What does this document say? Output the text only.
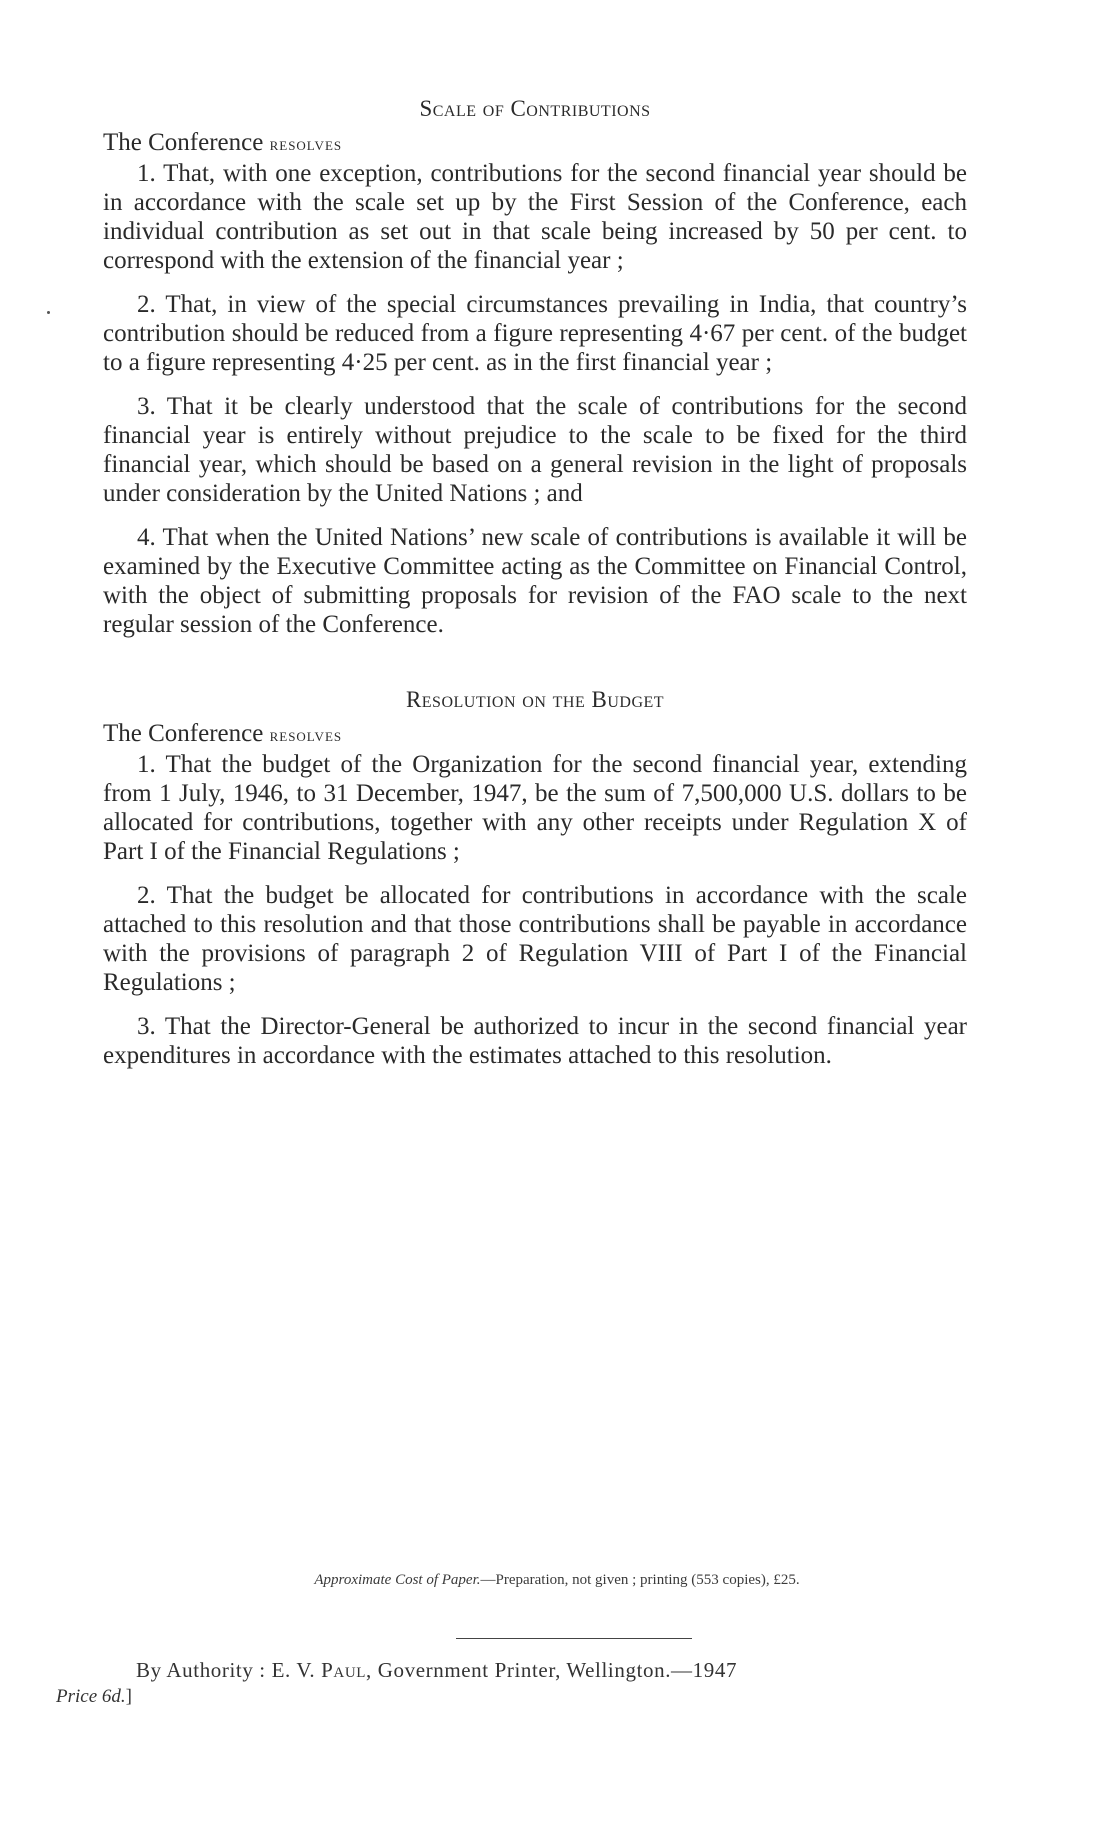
Scale of Contributions

The Conference resolves

1. That, with one exception, contributions for the second financial year should be in accordance with the scale set up by the First Session of the Conference, each individual contribution as set out in that scale being increased by 50 per cent. to correspond with the extension of the financial year ;

2. That, in view of the special circumstances prevailing in India, that country’s contribution should be reduced from a figure representing 4·67 per cent. of the budget to a figure representing 4·25 per cent. as in the first financial year ;

3. That it be clearly understood that the scale of contributions for the second financial year is entirely without prejudice to the scale to be fixed for the third financial year, which should be based on a general revision in the light of proposals under consideration by the United Nations ; and

4. That when the United Nations’ new scale of contributions is available it will be examined by the Executive Committee acting as the Committee on Financial Control, with the object of submitting proposals for revision of the FAO scale to the next regular session of the Conference.

Resolution on the Budget

The Conference resolves

1. That the budget of the Organization for the second financial year, extending from 1 July, 1946, to 31 December, 1947, be the sum of 7,500,000 U.S. dollars to be allocated for contributions, together with any other receipts under Regulation X of Part I of the Financial Regulations ;

2. That the budget be allocated for contributions in accordance with the scale attached to this resolution and that those contributions shall be payable in accordance with the provisions of paragraph 2 of Regulation VIII of Part I of the Financial Regulations ;

3. That the Director-General be authorized to incur in the second financial year expenditures in accordance with the estimates attached to this resolution.

Approximate Cost of Paper.—Preparation, not given ; printing (553 copies), £25.
By Authority : E. V. Paul, Government Printer, Wellington.—1947
Price 6d.]
